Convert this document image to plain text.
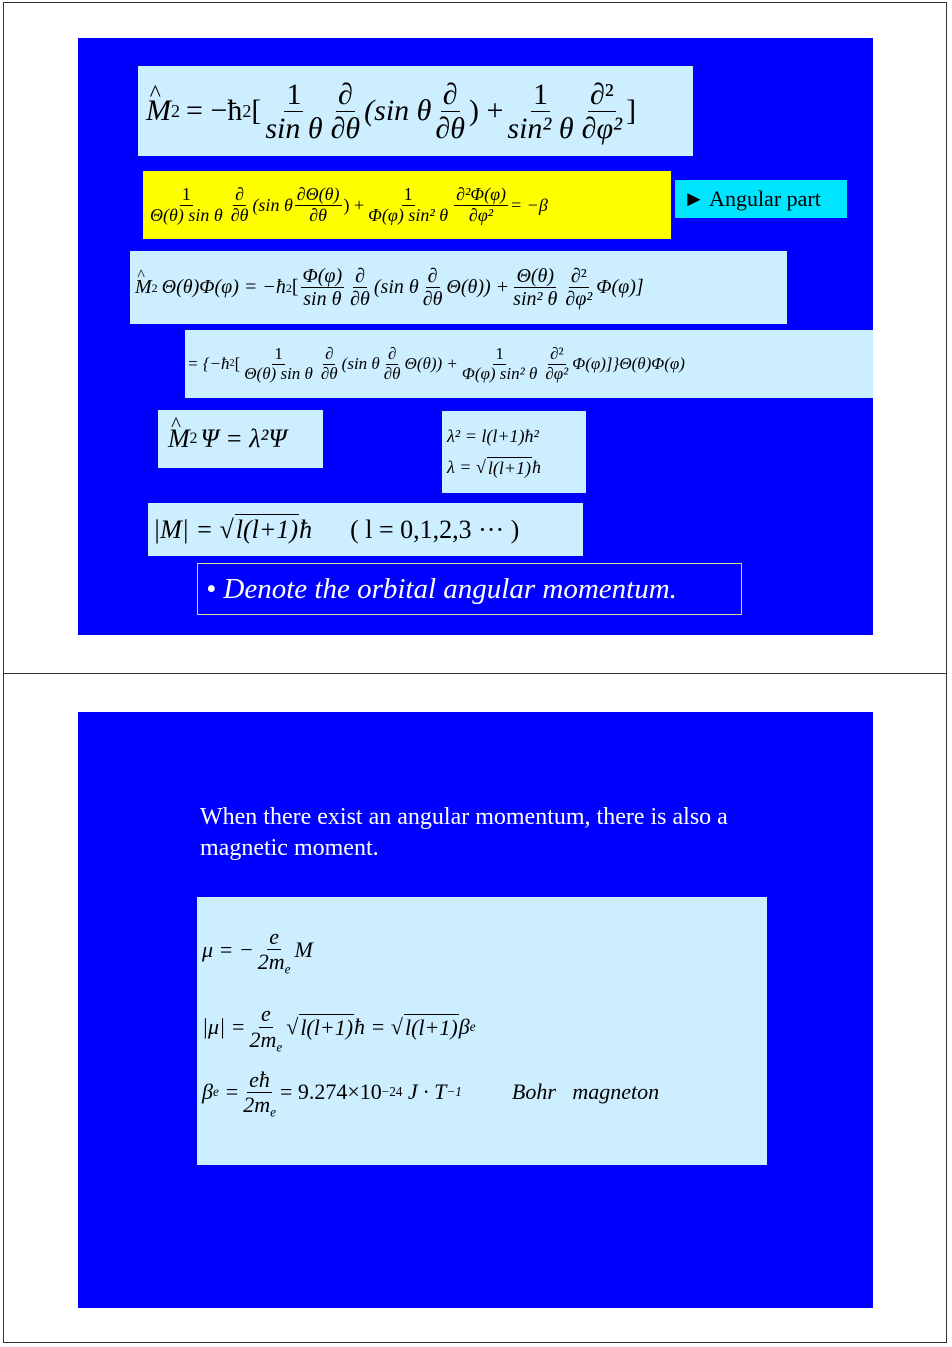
^ M 2 = −ħ 2 [ $\frac{1}{\text{sin θ}} \frac{\partial}{\partial\theta} (\sin$ θ $\frac{\partial}{\partial\theta}$ ) + $\frac{1}{\text{sin² θ}} \frac{\text{∂²}}{\text{∂φ²}}$ ]
$\frac{1}{\text{Θ(θ) sin θ}} \frac{\partial}{\partial\theta} (\sin$ θ $\frac{\partial\Theta(\theta)}{\partial\theta}$ ) + $\frac{1}{\text{Φ(φ) sin² θ}} \frac{\text{∂²Φ(φ)}}{\text{∂φ²}} = -\beta$	► Angular part
^ M 2 Θ(θ)Φ(φ) = −ħ 2 [ $\frac{\Phi(\varphi)}{\text{sin θ}} \frac{\partial}{\partial\theta} (\sin$ θ $\frac{\partial}{\partial\theta} \Theta(\theta)) + \frac{\Theta(\theta)}{\text{sin² θ}} \frac{\text{∂²}}{\text{∂φ²}} \Phi(\varphi)$]
= {−ħ 2 [ $\frac{1}{\text{Θ(θ) sin θ}} \frac{\partial}{\partial\theta} (\sin$ θ $\frac{\partial}{\partial\theta} \Theta(\theta)) + \frac{1}{\text{Φ(φ) sin² θ}} \frac{\text{∂²}}{\text{∂φ²}} \Phi(\varphi)]\}\Theta(\theta)\Phi(\varphi)$
^ M 2 Ψ = λ²Ψ	λ² = l(l+1)ħ²
λ =
√ l(l+1) ħ
|M| =
√ l(l+1) ħ ( l = 0,1,2,3 ··· )
• Denote the orbital angular momentum.
When there exist an angular momentum, there is also a magnetic moment.
μ = − $\frac{e}{2m_e}$ M
$|\mu| = \frac{e}{2m_e}$ √ l(l+1) ħ =
√ l(l+1) β e
β e
= $\frac{eħ}{2m_e} = 9.274\times 10 -24$
J · T −1 Bohr   magneton
